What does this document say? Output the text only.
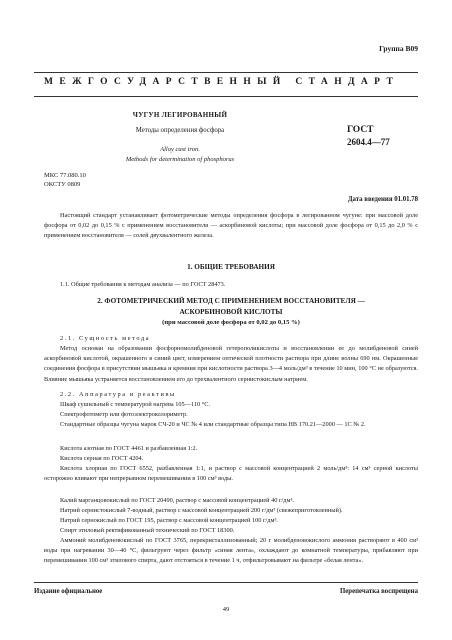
Группа В09
МЕЖГОСУДАРСТВЕННЫЙ СТАНДАРТ
ЧУГУН ЛЕГИРОВАННЫЙ
Методы определения фосфора	ГОСТ
2604.4—77
Alloy cast iron.
Methods for determination of phosphorus
МКС 77.080.10
ОКСТУ 0809
Дата введения 01.01.78
Настоящий стандарт устанавливает фотометрические методы определения фосфора в легированном чугуне: при массовой доле фосфора от 0,02 до 0,15 % с применением восстановителя — аскорбиновой кислоты; при массовой доле фосфора от 0,15 до 2,0 % с применением восстановителя — солей двухвалентного железа.
1. ОБЩИЕ ТРЕБОВАНИЯ
1.1. Общие требования к методам анализа — по ГОСТ 28473.
2. ФОТОМЕТРИЧЕСКИЙ МЕТОД С ПРИМЕНЕНИЕМ ВОССТАНОВИТЕЛЯ —
АСКОРБИНОВОЙ КИСЛОТЫ
(при массовой доле фосфора от 0,02 до 0,15 %)
2.1. Сущность метода
Метод основан на образовании фосфорномолибденовой гетерополикислоты и восстановлении ее до молибденовой синей аскорбиновой кислотой, окрашенного в синий цвет, измерением оптической плотности раствора при длине волны 690 нм. Окрашенные соединения фосфора в присутствии мышьяка и кремния при кислотности раствора 3—4 моль/дм³ в течение 10 мин, 100 °С не образуются. Влияние мышьяка устраняется восстановлением его до трехвалентного сернистокислым натрием.
2.2. Аппаратура и реактивы
Шкаф сушильный с температурой нагрева 105—110 °С.
Спектрофотометр или фотоэлектроколориметр.
Стандартные образцы чугуна марок СЧ-20 и ЧС № 4 или стандартные образцы типа НВ 170.21—2000 — 1С № 2.
Кислота азотная по ГОСТ 4461 и разбавленная 1:2.
Кислота серная по ГОСТ 4204.
Кислота хлорная по ГОСТ 6552, разбавленная 1:1, и раствор с массовой концентрацией 2 моль/дм³: 14 см³ серной кислоты осторожно вливают при непрерывном перемешивании в 100 см³ воды.
Калий марганцовокислый по ГОСТ 20490, раствор с массовой концентрацией 40 г/дм³.
Натрий сернистокислый 7-водный, раствор с массовой концентрацией 200 г/дм³ (свежеприготовленный).
Натрий сернокислый по ГОСТ 195, раствор с массовой концентрацией 100 г/дм³.
Спирт этиловый ректификованный технический по ГОСТ 18300.
Аммоний молибденовокислый по ГОСТ 3765, перекристаллизованный; 20 г молибденовокислого аммония растворяют в 400 см³ воды при нагревании 30—40 °С, фильтруют через фильтр «синяя лента», охлаждают до комнатной температуры, прибавляют при перемешивании 100 см³ этилового спирта, дают отстояться в течение 1 ч, отфильтровывают на фильтре «белая лента».
Издание официальное	Перепечатка воспрещена
49
